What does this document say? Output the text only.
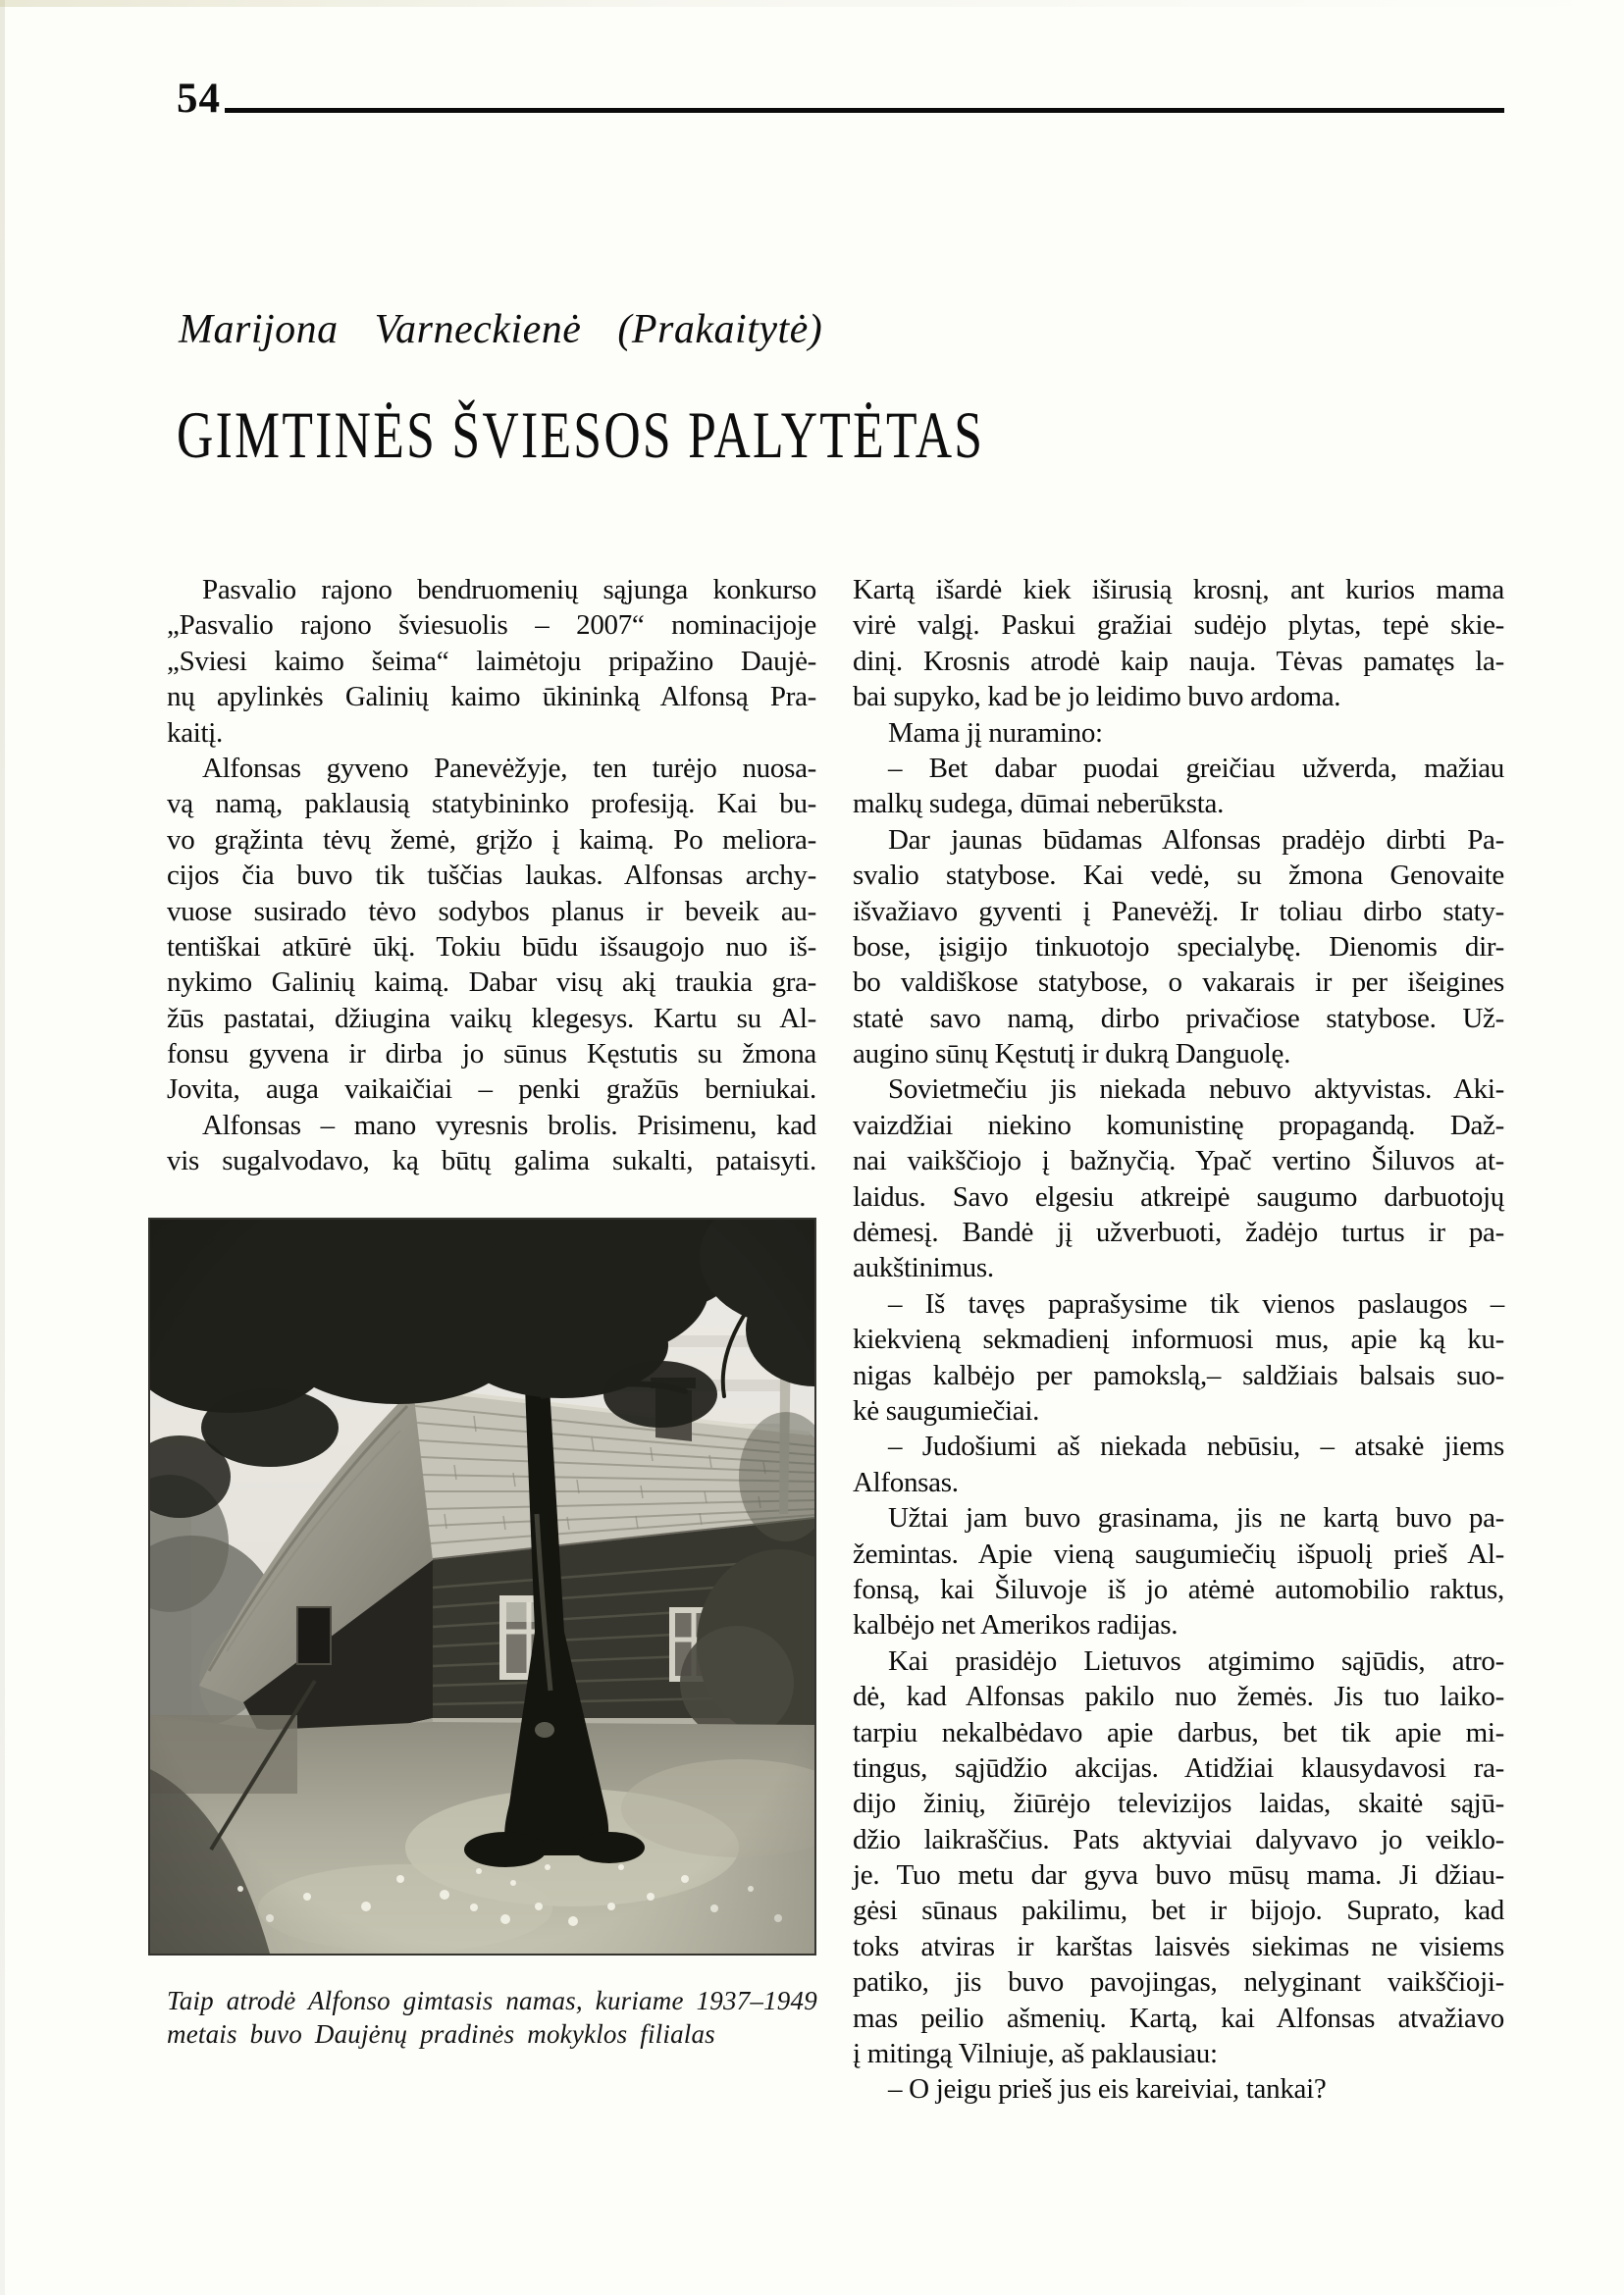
54
Marijona Varneckienė (Prakaitytė)
GIMTINĖS ŠVIESOS PALYTĖTAS
Pasvalio rajono bendruomenių sąjunga konkurso
„Pasvalio rajono šviesuolis – 2007“ nominacijoje
„Sviesi kaimo šeima“ laimėtoju pripažino Daujė-
nų apylinkės Galinių kaimo ūkininką Alfonsą Pra-
kaitį.
Alfonsas gyveno Panevėžyje, ten turėjo nuosa-
vą namą, paklausią statybininko profesiją. Kai bu-
vo grąžinta tėvų žemė, grįžo į kaimą. Po meliora-
cijos čia buvo tik tuščias laukas. Alfonsas archy-
vuose susirado tėvo sodybos planus ir beveik au-
tentiškai atkūrė ūkį. Tokiu būdu išsaugojo nuo iš-
nykimo Galinių kaimą. Dabar visų akį traukia gra-
žūs pastatai, džiugina vaikų klegesys. Kartu su Al-
fonsu gyvena ir dirba jo sūnus Kęstutis su žmona
Jovita, auga vaikaičiai – penki gražūs berniukai.
Alfonsas – mano vyresnis brolis. Prisimenu, kad
vis sugalvodavo, ką būtų galima sukalti, pataisyti.
Kartą išardė kiek iširusią krosnį, ant kurios mama
virė valgį. Paskui gražiai sudėjo plytas, tepė skie-
dinį. Krosnis atrodė kaip nauja. Tėvas pamatęs la-
bai supyko, kad be jo leidimo buvo ardoma.
Mama jį nuramino:
– Bet dabar puodai greičiau užverda, mažiau
malkų sudega, dūmai neberūksta.
Dar jaunas būdamas Alfonsas pradėjo dirbti Pa-
svalio statybose. Kai vedė, su žmona Genovaite
išvažiavo gyventi į Panevėžį. Ir toliau dirbo staty-
bose, įsigijo tinkuotojo specialybę. Dienomis dir-
bo valdiškose statybose, o vakarais ir per išeigines
statė savo namą, dirbo privačiose statybose. Už-
augino sūnų Kęstutį ir dukrą Danguolę.
Sovietmečiu jis niekada nebuvo aktyvistas. Aki-
vaizdžiai niekino komunistinę propagandą. Daž-
nai vaikščiojo į bažnyčią. Ypač vertino Šiluvos at-
laidus. Savo elgesiu atkreipė saugumo darbuotojų
dėmesį. Bandė jį užverbuoti, žadėjo turtus ir pa-
aukštinimus.
– Iš tavęs paprašysime tik vienos paslaugos –
kiekvieną sekmadienį informuosi mus, apie ką ku-
nigas kalbėjo per pamokslą,– saldžiais balsais suo-
kė saugumiečiai.
– Judošiumi aš niekada nebūsiu, – atsakė jiems
Alfonsas.
Užtai jam buvo grasinama, jis ne kartą buvo pa-
žemintas. Apie vieną saugumiečių išpuolį prieš Al-
fonsą, kai Šiluvoje iš jo atėmė automobilio raktus,
kalbėjo net Amerikos radijas.
Kai prasidėjo Lietuvos atgimimo sąjūdis, atro-
dė, kad Alfonsas pakilo nuo žemės. Jis tuo laiko-
tarpiu nekalbėdavo apie darbus, bet tik apie mi-
tingus, sąjūdžio akcijas. Atidžiai klausydavosi ra-
dijo žinių, žiūrėjo televizijos laidas, skaitė sąjū-
džio laikraščius. Pats aktyviai dalyvavo jo veiklo-
je. Tuo metu dar gyva buvo mūsų mama. Ji džiau-
gėsi sūnaus pakilimu, bet ir bijojo. Suprato, kad
toks atviras ir karštas laisvės siekimas ne visiems
patiko, jis buvo pavojingas, nelyginant vaikščioji-
mas peilio ašmenių. Kartą, kai Alfonsas atvažiavo
į mitingą Vilniuje, aš paklausiau:
– O jeigu prieš jus eis kareiviai, tankai?
Taip atrodė Alfonso gimtasis namas, kuriame 1937–1949
metais buvo Daujėnų pradinės mokyklos filialas
